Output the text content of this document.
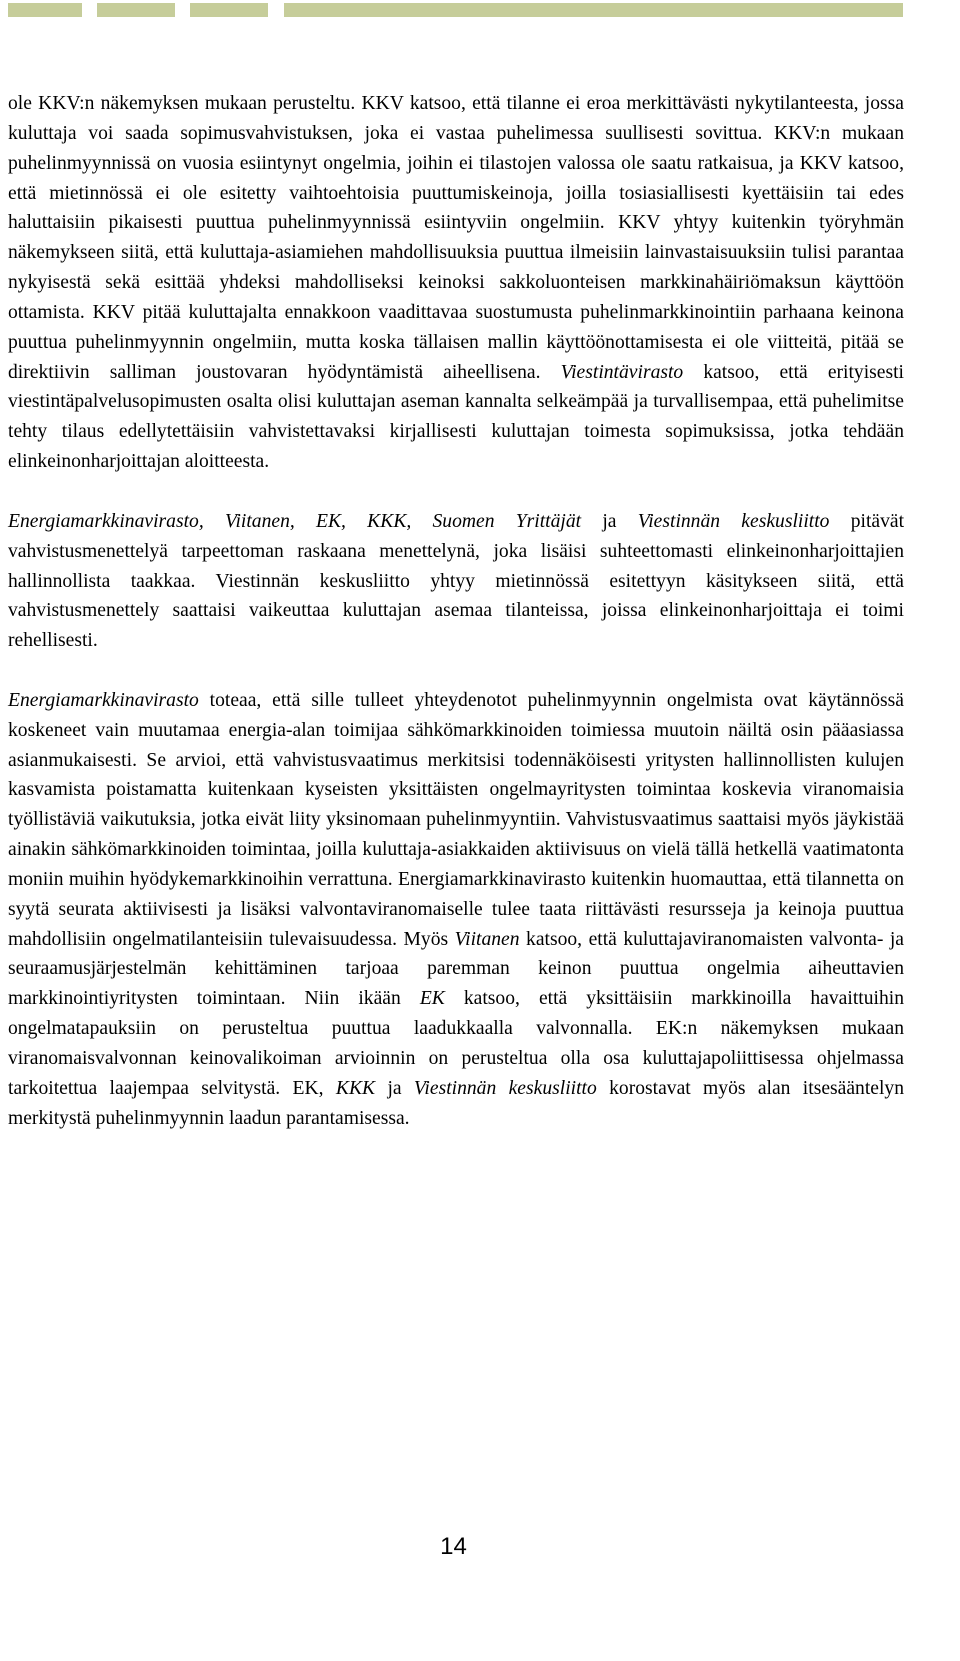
ole KKV:n näkemyksen mukaan perusteltu. KKV katsoo, että tilanne ei eroa merkittävästi nykytilanteesta, jossa kuluttaja voi saada sopimusvahvistuksen, joka ei vastaa puhelimessa suullisesti sovittua. KKV:n mukaan puhelinmyynnissä on vuosia esiintynyt ongelmia, joihin ei tilastojen valossa ole saatu ratkaisua, ja KKV katsoo, että mietinnössä ei ole esitetty vaihtoehtoisia puuttumiskeinoja, joilla tosiasiallisesti kyettäisiin tai edes haluttaisiin pikaisesti puuttua puhelinmyynnissä esiintyviin ongelmiin. KKV yhtyy kuitenkin työryhmän näkemykseen siitä, että kuluttaja-asiamiehen mahdollisuuksia puuttua ilmeisiin lainvastaisuuksiin tulisi parantaa nykyisestä sekä esittää yhdeksi mahdolliseksi keinoksi sakkoluonteisen markkinahäiriömaksun käyttöön ottamista. KKV pitää kuluttajalta ennakkoon vaadittavaa suostumusta puhelinmarkkinointiin parhaana keinona puuttua puhelinmyynnin ongelmiin, mutta koska tällaisen mallin käyttöönottamisesta ei ole viitteitä, pitää se direktiivin salliman joustovaran hyödyntämistä aiheellisena. Viestintävirasto katsoo, että erityisesti viestintäpalvelusopimusten osalta olisi kuluttajan aseman kannalta selkeämpää ja turvallisempaa, että puhelimitse tehty tilaus edellytettäisiin vahvistettavaksi kirjallisesti kuluttajan toimesta sopimuksissa, jotka tehdään elinkeinonharjoittajan aloitteesta.

Energiamarkkinavirasto, Viitanen, EK, KKK, Suomen Yrittäjät ja Viestinnän keskusliitto pitävät vahvistusmenettelyä tarpeettoman raskaana menettelynä, joka lisäisi suhteettomasti elinkeinonharjoittajien hallinnollista taakkaa. Viestinnän keskusliitto yhtyy mietinnössä esitettyyn käsitykseen siitä, että vahvistusmenettely saattaisi vaikeuttaa kuluttajan asemaa tilanteissa, joissa elinkeinonharjoittaja ei toimi rehellisesti.

Energiamarkkinavirasto toteaa, että sille tulleet yhteydenotot puhelinmyynnin ongelmista ovat käytännössä koskeneet vain muutamaa energia-alan toimijaa sähkömarkkinoiden toimiessa muutoin näiltä osin pääasiassa asianmukaisesti. Se arvioi, että vahvistusvaatimus merkitsisi todennäköisesti yritysten hallinnollisten kulujen kasvamista poistamatta kuitenkaan kyseisten yksittäisten ongelmayritysten toimintaa koskevia viranomaisia työllistäviä vaikutuksia, jotka eivät liity yksinomaan puhelinmyyntiin. Vahvistusvaatimus saattaisi myös jäykistää ainakin sähkömarkkinoiden toimintaa, joilla kuluttaja-asiakkaiden aktiivisuus on vielä tällä hetkellä vaatimatonta moniin muihin hyödykemarkkinoihin verrattuna. Energiamarkkinavirasto kuitenkin huomauttaa, että tilannetta on syytä seurata aktiivisesti ja lisäksi valvontaviranomaiselle tulee taata riittävästi resursseja ja keinoja puuttua mahdollisiin ongelmatilanteisiin tulevaisuudessa. Myös Viitanen katsoo, että kuluttajaviranomaisten valvonta- ja seuraamusjärjestelmän kehittäminen tarjoaa paremman keinon puuttua ongelmia aiheuttavien markkinointiyritysten toimintaan. Niin ikään EK katsoo, että yksittäisiin markkinoilla havaittuihin ongelmatapauksiin on perusteltua puuttua laadukkaalla valvonnalla. EK:n näkemyksen mukaan viranomaisvalvonnan keinovalikoiman arvioinnin on perusteltua olla osa kuluttajapoliittisessa ohjelmassa tarkoitettua laajempaa selvitystä. EK, KKK ja Viestinnän keskusliitto korostavat myös alan itsesääntelyn merkitystä puhelinmyynnin laadun parantamisessa.

14
